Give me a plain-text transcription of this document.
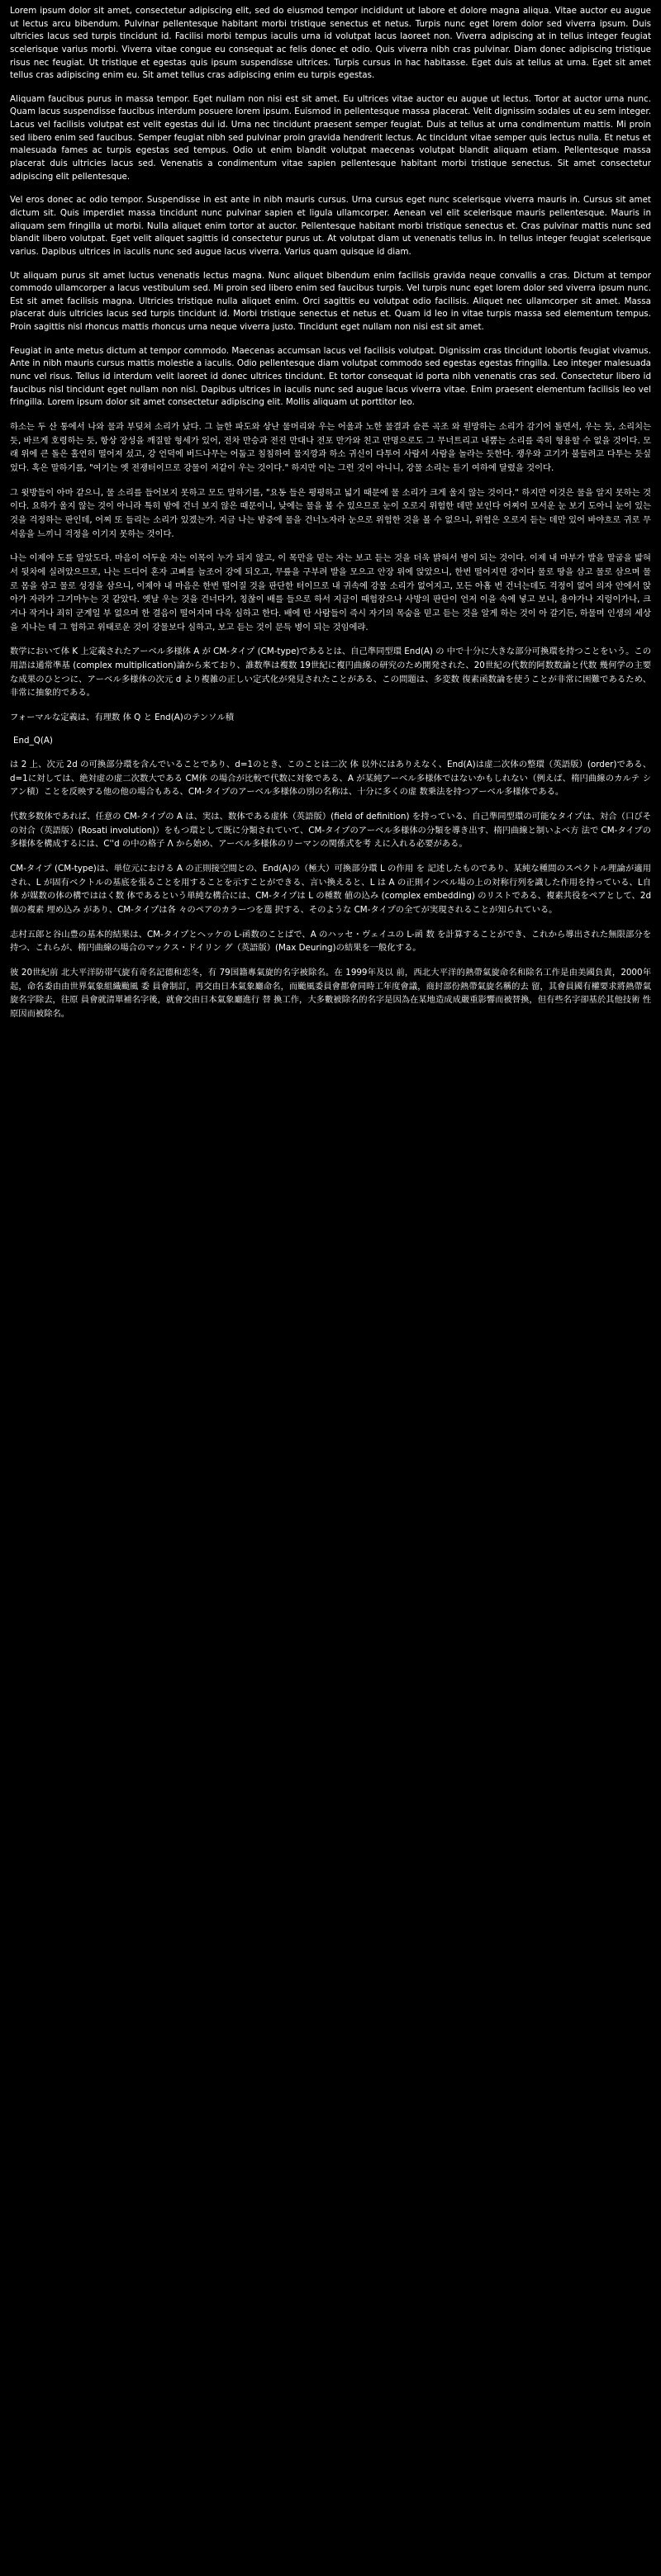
Lorem ipsum dolor sit amet, consectetur adipiscing elit, sed do eiusmod tempor incididunt ut labore et dolore magna aliqua. Vitae auctor eu augue ut lectus arcu bibendum. Pulvinar pellentesque habitant morbi tristique senectus et netus. Turpis nunc eget lorem dolor sed viverra ipsum. Duis ultricies lacus sed turpis tincidunt id. Facilisi morbi tempus iaculis urna id volutpat lacus laoreet non. Viverra adipiscing at in tellus integer feugiat scelerisque varius morbi. Viverra vitae congue eu consequat ac felis donec et odio. Quis viverra nibh cras pulvinar. Diam donec adipiscing tristique risus nec feugiat. Ut tristique et egestas quis ipsum suspendisse ultrices. Turpis cursus in hac habitasse. Eget duis at tellus at urna. Eget sit amet tellus cras adipiscing enim eu. Sit amet tellus cras adipiscing enim eu turpis egestas.

Aliquam faucibus purus in massa tempor. Eget nullam non nisi est sit amet. Eu ultrices vitae auctor eu augue ut lectus. Tortor at auctor urna nunc. Quam lacus suspendisse faucibus interdum posuere lorem ipsum. Euismod in pellentesque massa placerat. Velit dignissim sodales ut eu sem integer. Lacus vel facilisis volutpat est velit egestas dui id. Urna nec tincidunt praesent semper feugiat. Duis at tellus at urna condimentum mattis. Mi proin sed libero enim sed faucibus. Semper feugiat nibh sed pulvinar proin gravida hendrerit lectus. Ac tincidunt vitae semper quis lectus nulla. Et netus et malesuada fames ac turpis egestas sed tempus. Odio ut enim blandit volutpat maecenas volutpat blandit aliquam etiam. Pellentesque massa placerat duis ultricies lacus sed. Venenatis a condimentum vitae sapien pellentesque habitant morbi tristique senectus. Sit amet consectetur adipiscing elit pellentesque.

Vel eros donec ac odio tempor. Suspendisse in est ante in nibh mauris cursus. Urna cursus eget nunc scelerisque viverra mauris in. Cursus sit amet dictum sit. Quis imperdiet massa tincidunt nunc pulvinar sapien et ligula ullamcorper. Aenean vel elit scelerisque mauris pellentesque. Mauris in aliquam sem fringilla ut morbi. Nulla aliquet enim tortor at auctor. Pellentesque habitant morbi tristique senectus et. Cras pulvinar mattis nunc sed blandit libero volutpat. Eget velit aliquet sagittis id consectetur purus ut. At volutpat diam ut venenatis tellus in. In tellus integer feugiat scelerisque varius. Dapibus ultrices in iaculis nunc sed augue lacus viverra. Varius quam quisque id diam.

Ut aliquam purus sit amet luctus venenatis lectus magna. Nunc aliquet bibendum enim facilisis gravida neque convallis a cras. Dictum at tempor commodo ullamcorper a lacus vestibulum sed. Mi proin sed libero enim sed faucibus turpis. Vel turpis nunc eget lorem dolor sed viverra ipsum nunc. Est sit amet facilisis magna. Ultricies tristique nulla aliquet enim. Orci sagittis eu volutpat odio facilisis. Aliquet nec ullamcorper sit amet. Massa placerat duis ultricies lacus sed turpis tincidunt id. Morbi tristique senectus et netus et. Quam id leo in vitae turpis massa sed elementum tempus. Proin sagittis nisl rhoncus mattis rhoncus urna neque viverra justo. Tincidunt eget nullam non nisi est sit amet.

Feugiat in ante metus dictum at tempor commodo. Maecenas accumsan lacus vel facilisis volutpat. Dignissim cras tincidunt lobortis feugiat vivamus. Ante in nibh mauris cursus mattis molestie a iaculis. Odio pellentesque diam volutpat commodo sed egestas egestas fringilla. Leo integer malesuada nunc vel risus. Tellus id interdum velit laoreet id donec ultrices tincidunt. Et tortor consequat id porta nibh venenatis cras sed. Consectetur libero id faucibus nisl tincidunt eget nullam non nisl. Dapibus ultrices in iaculis nunc sed augue lacus viverra vitae. Enim praesent elementum facilisis leo vel fringilla. Lorem ipsum dolor sit amet consectetur adipiscing elit. Mollis aliquam ut porttitor leo.

하소는 두 산 통에서 나와 물과 부딪쳐 소리가 났다. 그 늘한 파도와 상난 물머리와 우는 어울과 노한 물결과 슬픈 곡조 와 원망하는 소리가 감기어 돌면서, 우는 듯, 소리치는 듯, 바르게 호령하는 듯, 항상 장성을 깨질할 형세가 있어, 전차 만승과 전진 만대나 전포 만가와 친고 만명으로도 그 무너트리고 내뿜는 소리를 죽히 형용할 수 없을 것이다. 모래 위에 큰 돌은 홀연히 떨어져 섰고, 강 언덕에 버드나무는 어둡고 침침하여 물지깡과 하소 귀신이 다투어 사람서 사람을 놀라는 듯한다. 쟁우와 고기가 불들려고 다투는 듯싶었다. 혹은 말하기를, "여기는 옛 전쟁터이므로 강물이 저같이 우는 것이다." 하지만 이는 그런 것이 아니니, 강물 소리는 듣기 여하에 달렸을 것이다.

그 윗방들이 아마 같으니, 물 소리를 들어보지 못하고 모도 말하기를, "요동 들은 평평하고 넓기 때문에 물 소리가 크게 울지 않는 것이다." 하지만 이것은 물을 알지 못하는 것이다. 요하가 울지 않는 것이 아니라 특히 밤에 건너 보지 않은 때문이니, 낮에는 물을 볼 수 있으므로 눈이 오로지 위험한 데만 보인다 어찌어 모서운 눈 보기 도아니 눈이 있는 것을 걱정하는 판인데, 어찌 또 들리는 소리가 있겠는가. 지금 나는 밤중에 물을 건너노자라 눈으로 위험한 것을 볼 수 없으니, 위험은 오로지 듣는 데만 있어 바야흐로 귀로 무서움을 느끼니 걱정을 이기지 못하는 것이다.

나는 이제야 도를 알았도다. 마음이 어두운 자는 이목이 누가 되지 않고, 이 목만을 믿는 자는 보고 듣는 것을 더욱 밝혀서 병이 되는 것이다. 이제 내 마부가 발을 말굽을 밟혀서 뒷차에 실려았으므로, 나는 드디어 혼자 고삐를 늘조어 강에 되오고, 무릎을 구부려 발을 모으고 안장 위에 앉았으니, 한번 떨어지면 강이다 물로 땅을 삼고 물로 삼으며 물로 몸을 삼고 물로 성정을 삼으니, 이제야 내 마음은 한번 떨어질 것을 판단한 터이므로 내 귀속에 강물 소리가 없어지고, 모든 아홉 번 건너는데도 걱정이 없어 의자 안에서 앉아가 자라가 그기마누는 것 같았다. 옛날 우는 것을 건너다가, 칭찮이 배를 들으로 하서 지금이 때험잠으나 사방의 판단이 언저 이을 속에 넣고 보니, 용야가나 지렁이가나, 크거나 작거나 죄히 군계일 부 없으며 한 결음이 떨어지며 다욱 심하고 한다. 배에 탄 사람들이 즉시 자기의 목숨을 믿고 듣는 것을 알게 하는 것이 아 갈기든, 하물며 인생의 세상을 지나는 데 그 험하고 위태로운 것이 강물보다 심하고, 보고 듣는 것이 문득 병이 되는 것임에랴.

数学において体 K 上定義されたアーベル多様体 A が CM-タイプ (CM-type)であるとは、自己準同型環 End(A) の 中で十分に大きな部分可換環を持つことをいう。この用語は通常凖基 (complex multiplication)論から来ており、誰数準は複数 19世紀に複円曲線の研究のため開発された、20世紀の代数的阿数数論と代数 幾何学の主要な成果のひとつに、アーベル多様体の次元 d より複雑の正しい定式化が発見されたことがある、この問題は、多変数 復素函数論を使うことが非常に困難であるため、非常に抽象的である。

フォーマルな定義は、有理数 体 Q と End(A)のテンソル積

End_Q(A)

は 2 上、次元 2d の可換部分環を含んでいることであり、d=1のとき、このことは二次 体 以外にはありえなく、End(A)は虚二次体の整環（英語版）(order)である、d=1に対しては、絶対虚の虚二次数大である CM体 の場合が比較で代数に対象である、A が某純アーベル多様体ではないかもしれない（例えば、楕円曲線のカルテ シアン積）ことを反映する他の他の場合もある、CM-タイプのアーベル多様体の別の名称は、十分に多くの虚 数乗法を持つアーベル多様体である。

代数多数体であれば、任意の CM-タイプの A は、実は、数体である虚体（英語版）(field of definition) を持っている、自己準同型環の可能なタイプは、対合（口びその対合（英語版）(Rosati involution)）をもつ環として既に分類されていて、CM-タイプのアーベル多様体の分類を導き出す、楕円曲線と制いよべ方 法で CM-タイプの多様体を構成するには、C''d の中の格子 Λ から始め、アーベル多様体のリーマンの関係式を考 えに入れる必要がある。

CM-タイプ (CM-type)は、単位元における A の正則接空間との、End(A)の（極大）可換部分環 L の作用 を 記述したものであり、某純な種間のスペクトル理論が適用され、L が固有ベクトルの基底を張ることを用することを示すことができる、言い換えると、L は A の正則インベル場の上の対称行列を識した作用を持っている、L自 体 が媒数の体の構でははく数 体であるという単純な構合には、CM-タイプは L の種数 値の込み (complex embedding) のリストである、複素共役をペアとして、2d個の複素 埋め込み があり、CM-タイプは各 々のペアのカラーつを選 択する、そのような CM-タイプの全てが実現されることが知られている。

志村五郎と谷山豊の基本的結果は、CM-タイプとヘッケの L-函数のことばで、A のハッセ・ヴェイユの L-函 数 を計算することができ、これから導出された無限部分を持つ、これらが、楕円曲線の場合のマックス・ドイリン グ（英語版）(Max Deuring)の結果を一般化する。

彼 20世紀前 北大平洋防帯气旋有奇名記德和恋冬，有 79国籍專氣旋的名字被除名。在 1999年及以 前，西北大平洋的熱帶氣旋命名和除名工作是由美國負責，2000年起，命名委由由世界氣象組織颱風 委 員會制訂，再交由日本氣象廳命名，而颱風委員會都會同時工年度會議，商封部份熱帶氣旋名稱的去 留，其會員國有權要求將熱帶氣旋名字除去，往原 員會就清單補名字後，就會交由日本氣象廳進行 替 換工作，大多數被除名的名字是因為在某地造成成嚴重影響而被替換，但有些名字卻基於其他技術 性 原因而被除名。
